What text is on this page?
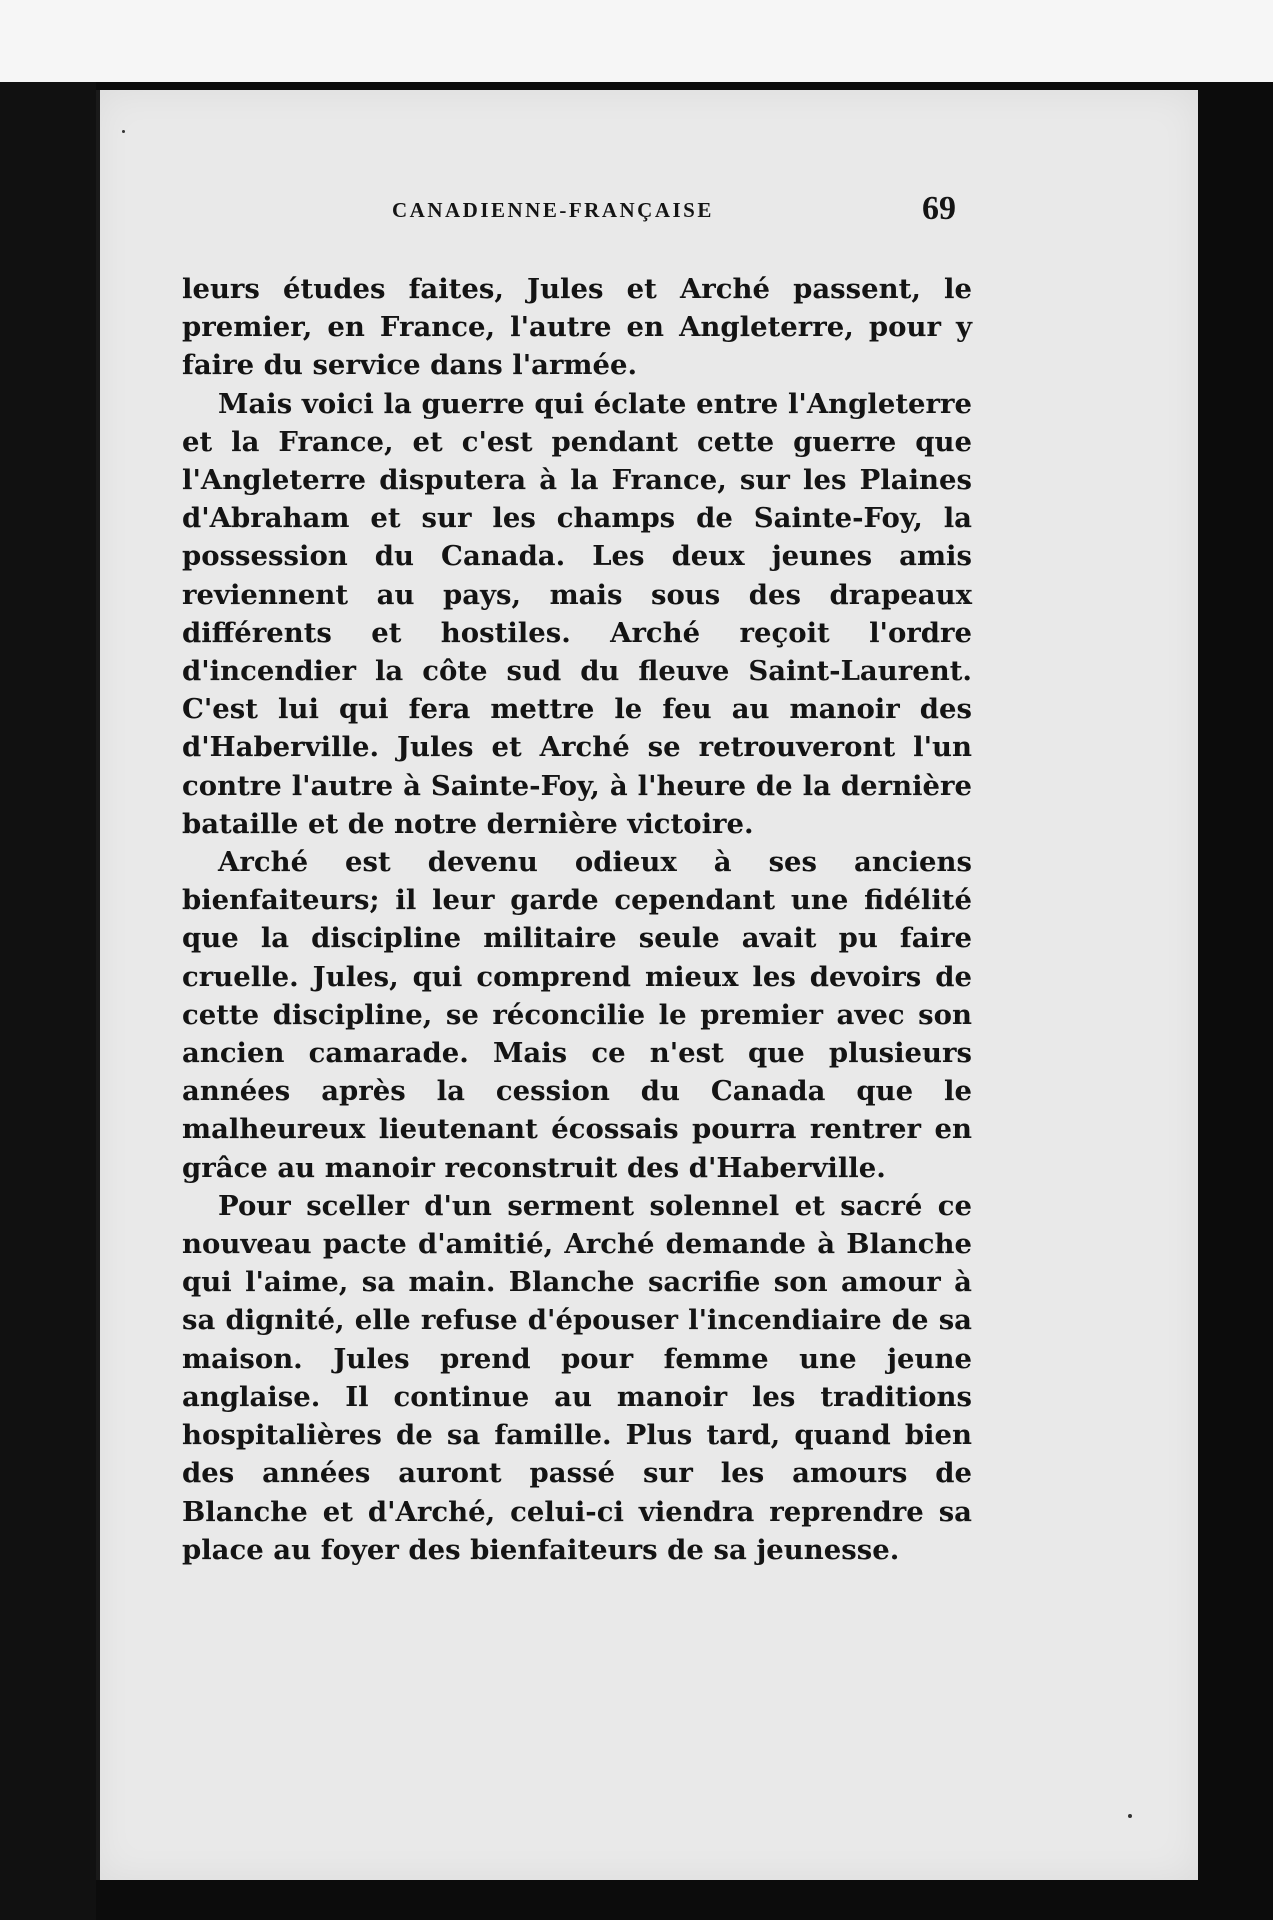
CANADIENNE-FRANÇAISE	69

leurs études faites, Jules et Arché passent, le premier, en France, l'autre en Angleterre, pour y faire du service dans l'armée.

Mais voici la guerre qui éclate entre l'Angleterre et la France, et c'est pendant cette guerre que l'Angleterre disputera à la France, sur les Plaines d'Abraham et sur les champs de Sainte-Foy, la possession du Canada. Les deux jeunes amis reviennent au pays, mais sous des drapeaux différents et hostiles. Arché reçoit l'ordre d'incendier la côte sud du fleuve Saint-Laurent. C'est lui qui fera mettre le feu au manoir des d'Haberville. Jules et Arché se retrouveront l'un contre l'autre à Sainte-Foy, à l'heure de la dernière bataille et de notre dernière victoire.

Arché est devenu odieux à ses anciens bienfaiteurs; il leur garde cependant une fidélité que la discipline militaire seule avait pu faire cruelle. Jules, qui comprend mieux les devoirs de cette discipline, se réconcilie le premier avec son ancien camarade. Mais ce n'est que plusieurs années après la cession du Canada que le malheureux lieutenant écossais pourra rentrer en grâce au manoir reconstruit des d'Haberville.

Pour sceller d'un serment solennel et sacré ce nouveau pacte d'amitié, Arché demande à Blanche qui l'aime, sa main. Blanche sacrifie son amour à sa dignité, elle refuse d'épouser l'incendiaire de sa maison. Jules prend pour femme une jeune anglaise. Il continue au manoir les traditions hospitalières de sa famille. Plus tard, quand bien des années auront passé sur les amours de Blanche et d'Arché, celui-ci viendra reprendre sa place au foyer des bienfaiteurs de sa jeunesse.
